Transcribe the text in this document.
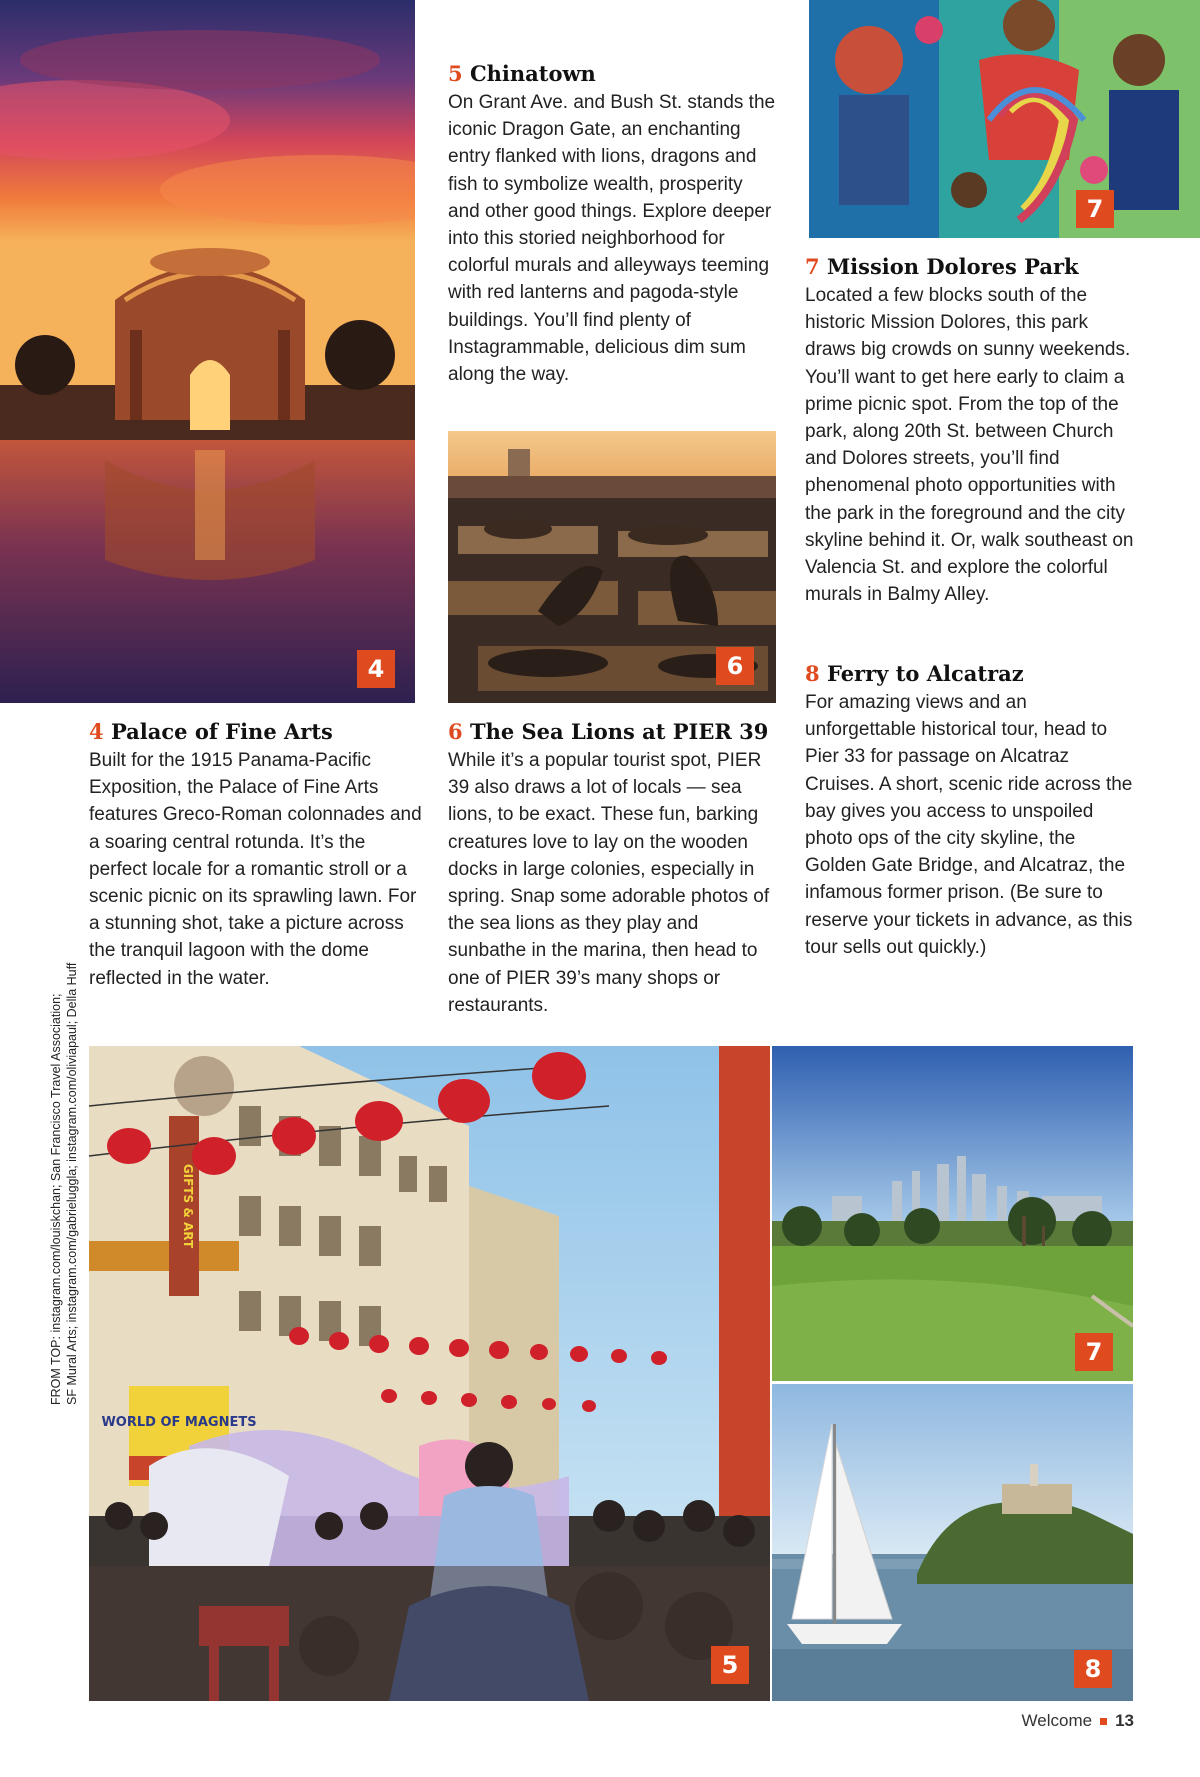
4
7
6
WORLD OF MAGNETS
GIFTS & ART
5
7
8
5 Chinatown

On Grant Ave. and Bush St. stands the iconic Dragon Gate, an enchanting entry flanked with lions, dragons and fish to symbolize wealth, prosperity and other good things. Explore deeper into this storied neighborhood for colorful murals and alleyways teeming with red lanterns and pagoda-style buildings. You’ll find plenty of Instagrammable, delicious dim sum along the way.

7 Mission Dolores Park

Located a few blocks south of the historic Mission Dolores, this park draws big crowds on sunny weekends. You’ll want to get here early to claim a prime picnic spot. From the top of the park, along 20th St. between Church and Dolores streets, you’ll find phenomenal photo opportunities with the park in the foreground and the city skyline behind it. Or, walk southeast on Valencia St. and explore the colorful murals in Balmy Alley.

4 Palace of Fine Arts

Built for the 1915 Panama-Pacific Exposition, the Palace of Fine Arts features Greco-Roman colonnades and a soaring central rotunda. It’s the perfect locale for a romantic stroll or a scenic picnic on its sprawling lawn. For a stunning shot, take a picture across the tranquil lagoon with the dome reflected in the water.

6 The Sea Lions at PIER 39

While it’s a popular tourist spot, PIER 39 also draws a lot of locals — sea lions, to be exact. These fun, barking creatures love to lay on the wooden docks in large colonies, especially in spring. Snap some adorable photos of the sea lions as they play and sunbathe in the marina, then head to one of PIER 39’s many shops or restaurants.

8 Ferry to Alcatraz

For amazing views and an unforgettable historical tour, head to Pier 33 for passage on Alcatraz Cruises. A short, scenic ride across the bay gives you access to unspoiled photo ops of the city skyline, the Golden Gate Bridge, and Alcatraz, the infamous former prison. (Be sure to reserve your tickets in advance, as this tour sells out quickly.)

FROM TOP: instagram.com/louiskchan; San Francisco Travel Association; SF Mural Arts; instagram.com/gabrieluggla; instagram.com/oliviapaul; Della Huff
Welcome 13
